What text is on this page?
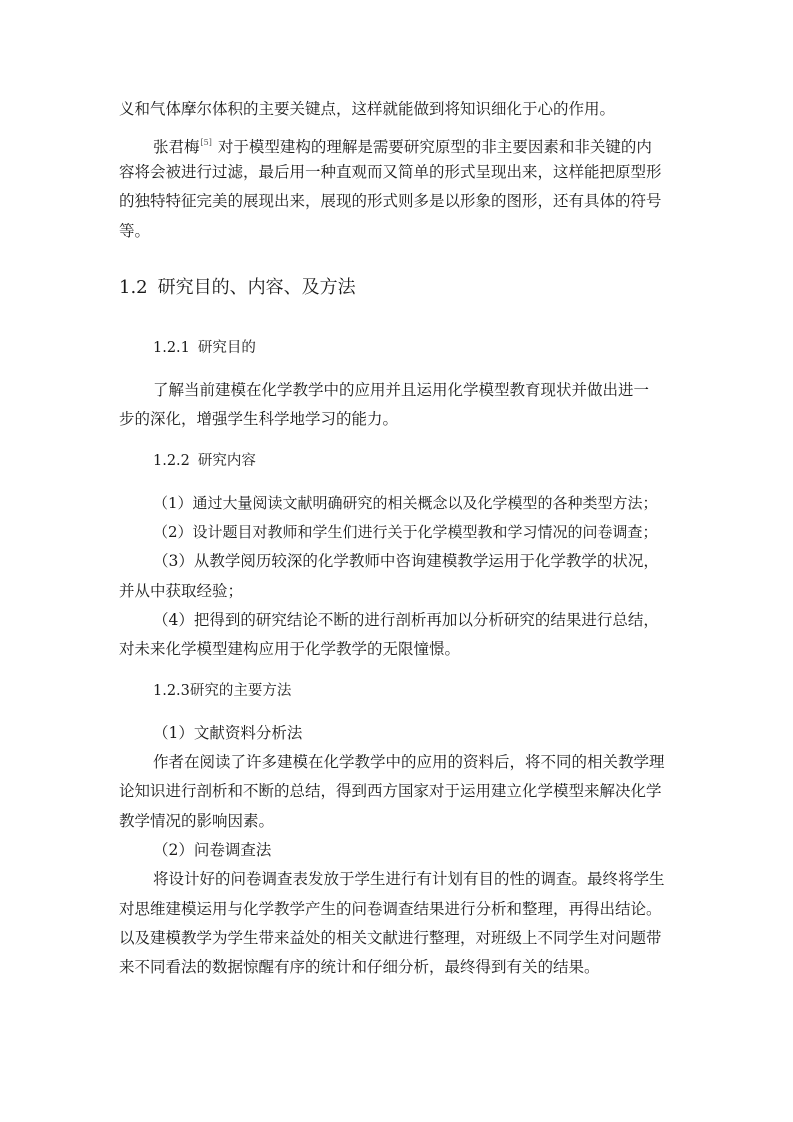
义和气体摩尔体积的主要关键点，这样就能做到将知识细化于心的作用。
张君梅[5] 对于模型建构的理解是需要研究原型的非主要因素和非关键的内
容将会被进行过滤，最后用一种直观而又简单的形式呈现出来，这样能把原型形
的独特特征完美的展现出来，展现的形式则多是以形象的图形，还有具体的符号
等。
1.2 研究目的、内容、及方法
1.2.1 研究目的
了解当前建模在化学教学中的应用并且运用化学模型教育现状并做出进一
步的深化，增强学生科学地学习的能力。
1.2.2 研究内容
（1）通过大量阅读文献明确研究的相关概念以及化学模型的各种类型方法；
（2）设计题目对教师和学生们进行关于化学模型教和学习情况的问卷调查；
（3）从教学阅历较深的化学教师中咨询建模教学运用于化学教学的状况，
并从中获取经验；
（4）把得到的研究结论不断的进行剖析再加以分析研究的结果进行总结，
对未来化学模型建构应用于化学教学的无限憧憬。
1.2.3研究的主要方法
（1）文献资料分析法
作者在阅读了许多建模在化学教学中的应用的资料后，将不同的相关教学理
论知识进行剖析和不断的总结，得到西方国家对于运用建立化学模型来解决化学
教学情况的影响因素。
（2）问卷调查法
将设计好的问卷调查表发放于学生进行有计划有目的性的调查。最终将学生
对思维建模运用与化学教学产生的问卷调查结果进行分析和整理，再得出结论。
以及建模教学为学生带来益处的相关文献进行整理，对班级上不同学生对问题带
来不同看法的数据惊醒有序的统计和仔细分析，最终得到有关的结果。
